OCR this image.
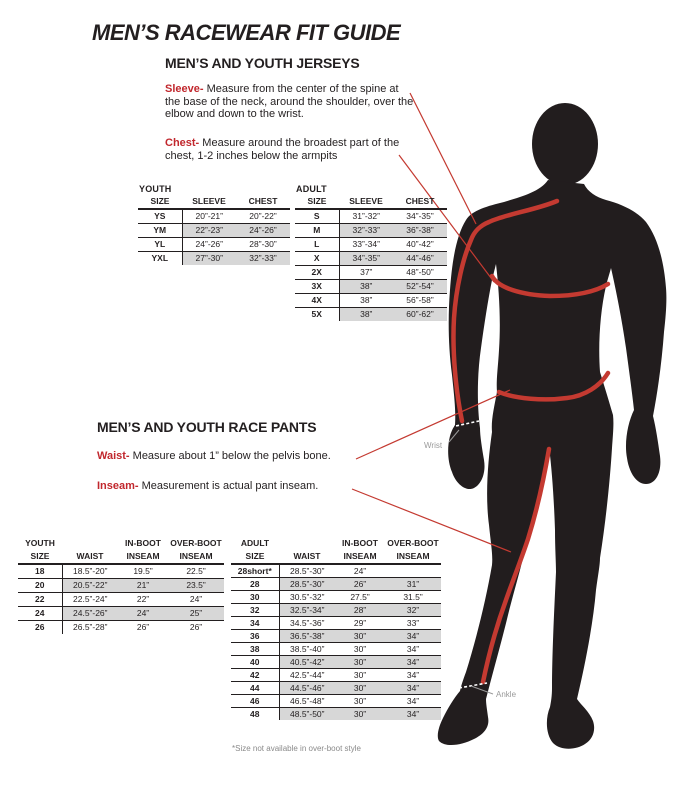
MEN’S RACEWEAR FIT GUIDE
MEN’S AND YOUTH JERSEYS
Sleeve- Measure from the center of the spine at the base of the neck, around the shoulder, over the elbow and down to the wrist.
Chest- Measure around the broadest part of the chest, 1-2 inches below the armpits
YOUTH
SIZE	SLEEVE	CHEST
YS	20”-21”	20”-22”
YM	22”-23”	24”-26”
YL	24”-26”	28”-30”
YXL	27”-30”	32”-33”
ADULT
SIZE	SLEEVE	CHEST
S	31”-32”	34”-35”
M	32”-33”	36”-38”
L	33”-34”	40”-42”
X	34”-35”	44”-46”
2X	37”	48”-50”
3X	38”	52”-54”
4X	38”	56”-58”
5X	38”	60”-62”
MEN’S AND YOUTH RACE PANTS
Waist- Measure about 1” below the pelvis bone.
Inseam- Measurement is actual pant inseam.
YOUTH		IN-BOOT	OVER-BOOT
SIZE	WAIST	INSEAM	INSEAM
18	18.5”-20”	19.5”	22.5”
20	20.5”-22”	21”	23.5”
22	22.5”-24”	22”	24”
24	24.5”-26”	24”	25”
26	26.5”-28”	26”	26”
ADULT		IN-BOOT	OVER-BOOT
SIZE	WAIST	INSEAM	INSEAM
28short*	28.5”-30”	24”	
28	28.5”-30”	26”	31”
30	30.5”-32”	27.5”	31.5”
32	32.5”-34”	28”	32”
34	34.5”-36”	29”	33”
36	36.5”-38”	30”	34”
38	38.5”-40”	30”	34”
40	40.5”-42”	30”	34”
42	42.5”-44”	30”	34”
44	44.5”-46”	30”	34”
46	46.5”-48”	30”	34”
48	48.5”-50”	30”	34”
*Size not available in over-boot style
Wrist
Ankle
